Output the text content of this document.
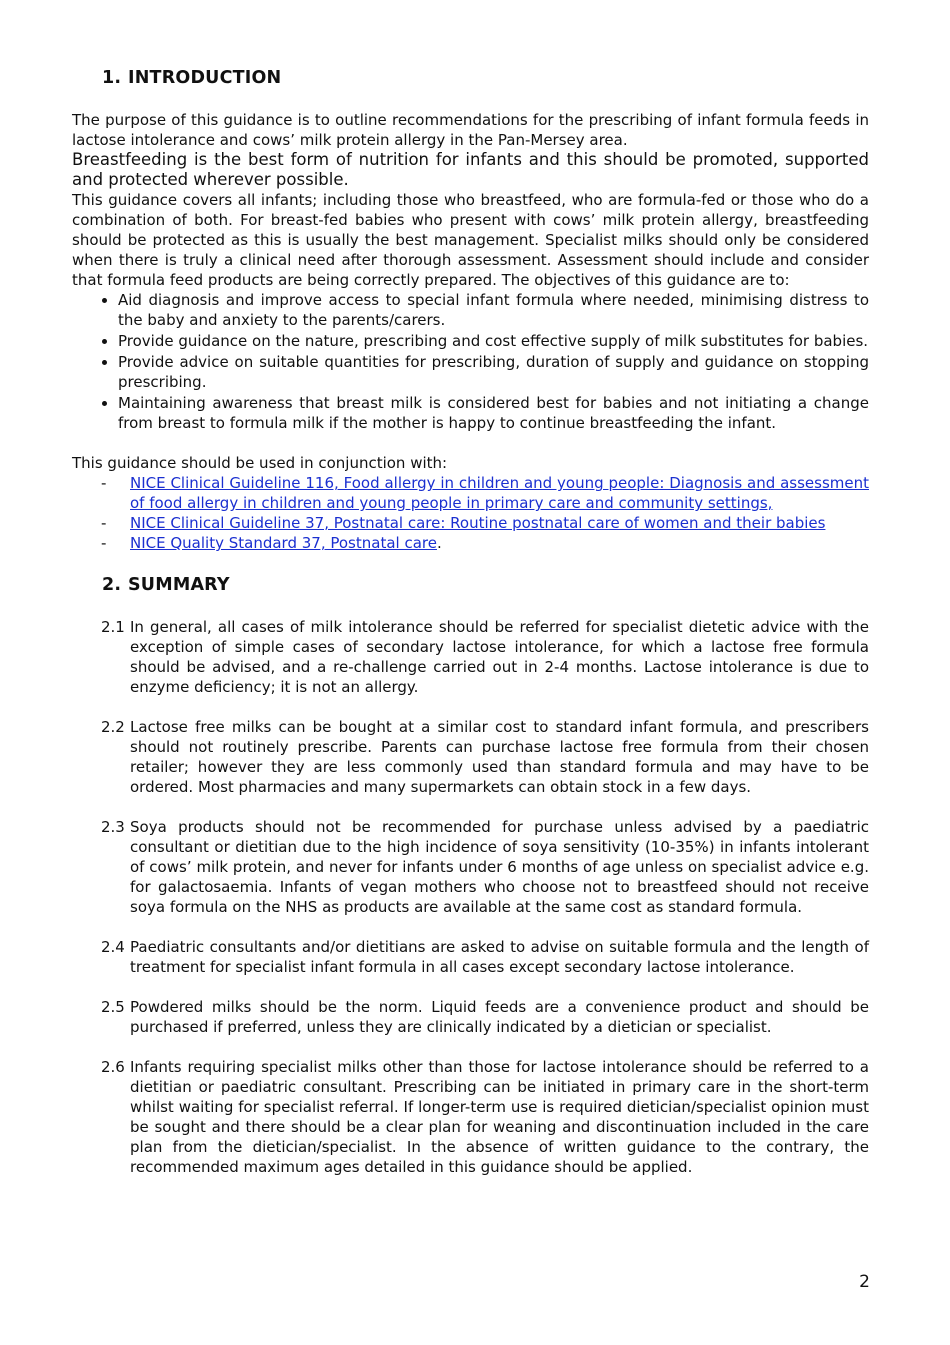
1. INTRODUCTION

The purpose of this guidance is to outline recommendations for the prescribing of infant formula feeds in lactose intolerance and cows’ milk protein allergy in the Pan-Mersey area.

Breastfeeding is the best form of nutrition for infants and this should be promoted, supported and protected wherever possible.

This guidance covers all infants; including those who breastfeed, who are formula-fed or those who do a combination of both. For breast-fed babies who present with cows’ milk protein allergy, breastfeeding should be protected as this is usually the best management. Specialist milks should only be considered when there is truly a clinical need after thorough assessment. Assessment should include and consider that formula feed products are being correctly prepared. The objectives of this guidance are to:

• Aid diagnosis and improve access to special infant formula where needed, minimising distress to the baby and anxiety to the parents/carers.
• Provide guidance on the nature, prescribing and cost effective supply of milk substitutes for babies.
• Provide advice on suitable quantities for prescribing, duration of supply and guidance on stopping prescribing.
• Maintaining awareness that breast milk is considered best for babies and not initiating a change from breast to formula milk if the mother is happy to continue breastfeeding the infant.

This guidance should be used in conjunction with:

- NICE Clinical Guideline 116, Food allergy in children and young people: Diagnosis and assessment of food allergy in children and young people in primary care and community settings,
- NICE Clinical Guideline 37, Postnatal care: Routine postnatal care of women and their babies
- NICE Quality Standard 37, Postnatal care.
2. SUMMARY
2.1 In general, all cases of milk intolerance should be referred for specialist dietetic advice with the exception of simple cases of secondary lactose intolerance, for which a lactose free formula should be advised, and a re-challenge carried out in 2-4 months. Lactose intolerance is due to enzyme deficiency; it is not an allergy.

2.2 Lactose free milks can be bought at a similar cost to standard infant formula, and prescribers should not routinely prescribe. Parents can purchase lactose free formula from their chosen retailer; however they are less commonly used than standard formula and may have to be ordered. Most pharmacies and many supermarkets can obtain stock in a few days.

2.3 Soya products should not be recommended for purchase unless advised by a paediatric consultant or dietitian due to the high incidence of soya sensitivity (10-35%) in infants intolerant of cows’ milk protein, and never for infants under 6 months of age unless on specialist advice e.g. for galactosaemia. Infants of vegan mothers who choose not to breastfeed should not receive soya formula on the NHS as products are available at the same cost as standard formula.

2.4 Paediatric consultants and/or dietitians are asked to advise on suitable formula and the length of treatment for specialist infant formula in all cases except secondary lactose intolerance.

2.5 Powdered milks should be the norm. Liquid feeds are a convenience product and should be purchased if preferred, unless they are clinically indicated by a dietician or specialist.

2.6 Infants requiring specialist milks other than those for lactose intolerance should be referred to a dietitian or paediatric consultant. Prescribing can be initiated in primary care in the short-term whilst waiting for specialist referral. If longer-term use is required dietician/specialist opinion must be sought and there should be a clear plan for weaning and discontinuation included in the care plan from the dietician/specialist. In the absence of written guidance to the contrary, the recommended maximum ages detailed in this guidance should be applied.

2
